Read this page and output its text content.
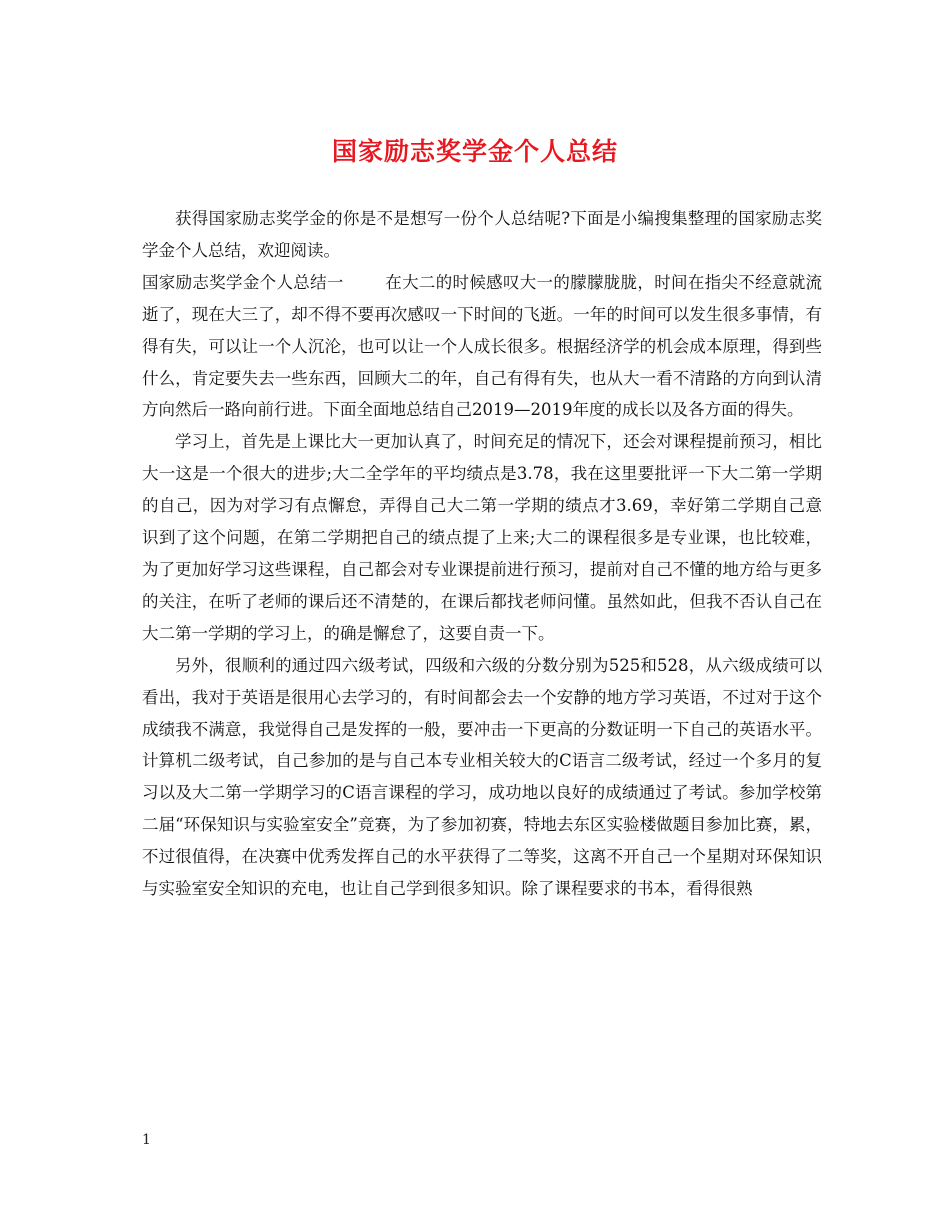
国家励志奖学金个人总结

获得国家励志奖学金的你是不是想写一份个人总结呢?下面是小编搜集整理的国家励志奖学金个人总结，欢迎阅读。

国家励志奖学金个人总结一	在大二的时候感叹大一的朦朦胧胧，时间在指尖不经意就流逝了，现在大三了，却不得不要再次感叹一下时间的飞逝。一年的时间可以发生很多事情，有得有失，可以让一个人沉沦，也可以让一个人成长很多。根据经济学的机会成本原理，得到些什么，肯定要失去一些东西，回顾大二的年，自己有得有失，也从大一看不清路的方向到认清方向然后一路向前行进。下面全面地总结自己2019—2019年度的成长以及各方面的得失。

学习上，首先是上课比大一更加认真了，时间充足的情况下，还会对课程提前预习，相比大一这是一个很大的进步;大二全学年的平均绩点是3.78，我在这里要批评一下大二第一学期的自己，因为对学习有点懈怠，弄得自己大二第一学期的绩点才3.69，幸好第二学期自己意识到了这个问题，在第二学期把自己的绩点提了上来;大二的课程很多是专业课，也比较难，为了更加好学习这些课程，自己都会对专业课提前进行预习，提前对自己不懂的地方给与更多的关注，在听了老师的课后还不清楚的，在课后都找老师问懂。虽然如此，但我不否认自己在大二第一学期的学习上，的确是懈怠了，这要自责一下。

另外，很顺利的通过四六级考试，四级和六级的分数分别为525和528，从六级成绩可以看出，我对于英语是很用心去学习的，有时间都会去一个安静的地方学习英语，不过对于这个成绩我不满意，我觉得自己是发挥的一般，要冲击一下更高的分数证明一下自己的英语水平。计算机二级考试，自己参加的是与自己本专业相关较大的C语言二级考试，经过一个多月的复习以及大二第一学期学习的C语言课程的学习，成功地以良好的成绩通过了考试。参加学校第二届“环保知识与实验室安全”竞赛，为了参加初赛，特地去东区实验楼做题目参加比赛，累，不过很值得，在决赛中优秀发挥自己的水平获得了二等奖，这离不开自己一个星期对环保知识与实验室安全知识的充电，也让自己学到很多知识。除了课程要求的书本，看得很熟

1
